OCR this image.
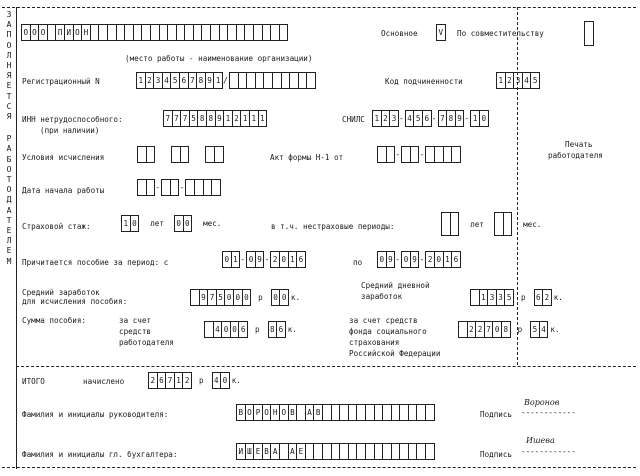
З
А
П
О
Л
Н
Я
Е
Т
С
Я
Р
А
Б
О
Т
О
Д
А
Т
Е
Л
Е
М
О О О	П И О Н	Основное	V	По совместительству
(место работы - наименование организации)
Регистрационный N	1 2 3 4 5 6 7 8 9 1 /	Код подчиненности	1 2 3 4 5
ИНН нетрудоспособного:
(при наличии)
7 7 7 5 8 8 9 1 2 1 1 1	СНИЛС	1 2 3 - 4 5 6 - 7 8 9 - 1 0
Условия исчисления	Акт формы Н-1 от	- -
Печать
работодателя
Дата начала работы	- -
Страховой стаж:	1 0	лет	0 0	мес.	в т.ч. нестраховые периоды:	лет	мес.
Причитается пособие за период: с	0 1 - 0 9 - 2 0 1 6	по	0 9 - 0 9 - 2 0 1 6
Средний заработок
для исчисления пособия:	9 7 5 0 0 0	р	0 0 к.
Средний дневной
заработок	1 3 3 5	р	6 2 к.
Сумма пособия:	за счет
средств
работодателя
4 0 0 6	р	8 6 к.
за счет средств
фонда социального
страхования
Российской Федерации
2 2 7 0 8	р	5 4 к.
ИТОГО	начислено	2 6 7 1 2	р	4 0 к.
Фамилия и инициалы руководителя:	В О Р О Н О В	А В	Подпись
Воронов
------------
Фамилия и инициалы гл. бухгалтера:	И Ш Е В А	А Е	Подпись
Ишева
------------
